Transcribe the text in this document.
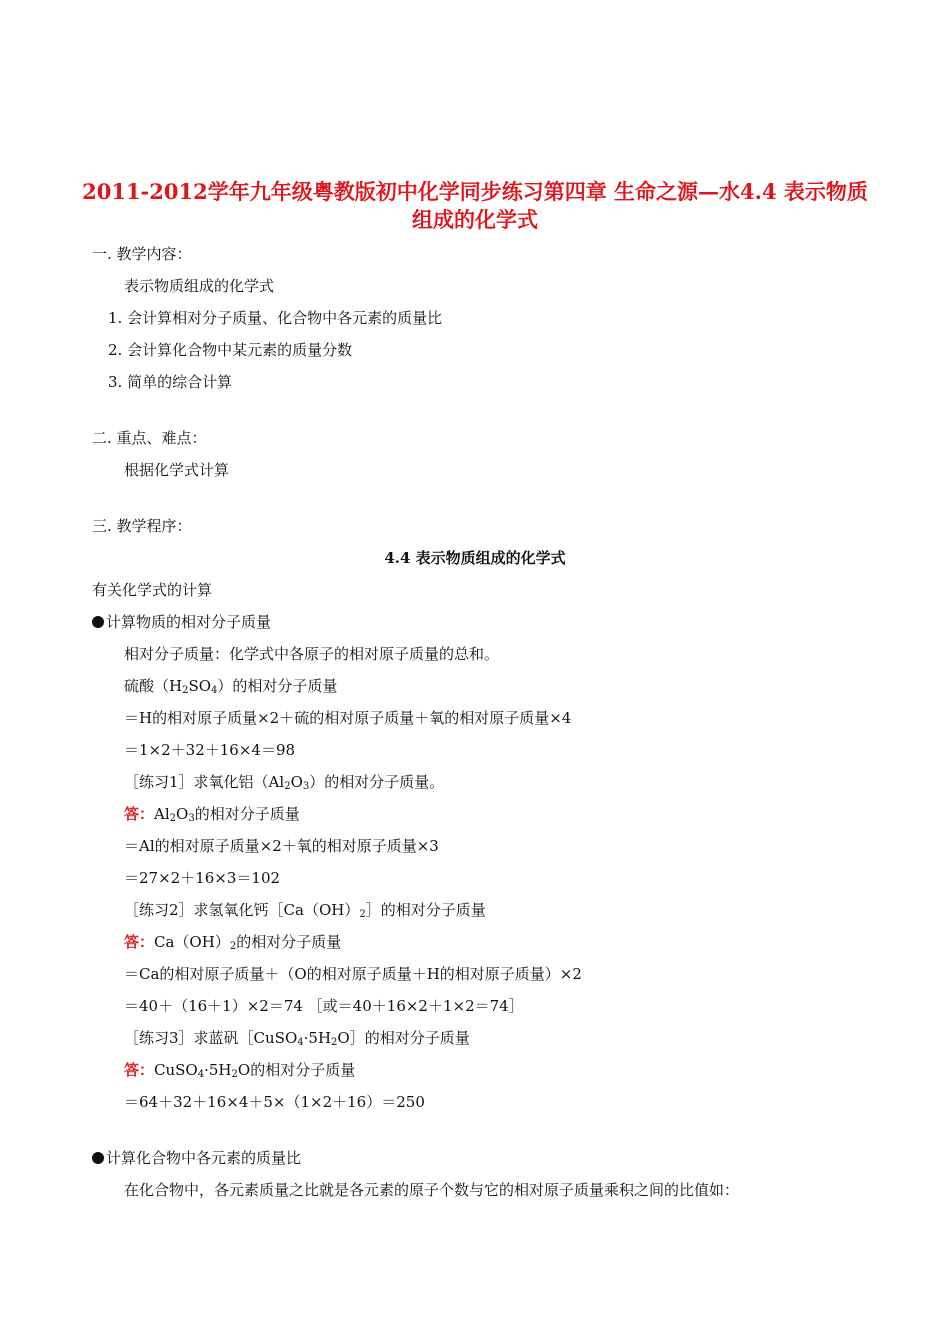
2011-2012学年九年级粤教版初中化学同步练习第四章 生命之源—水4.4 表示物质组成的化学式
一. 教学内容：
表示物质组成的化学式
1. 会计算相对分子质量、化合物中各元素的质量比
2. 会计算化合物中某元素的质量分数
3. 简单的综合计算
二. 重点、难点：
根据化学式计算
三. 教学程序：
4.4 表示物质组成的化学式
有关化学式的计算
计算物质的相对分子质量
相对分子质量：化学式中各原子的相对原子质量的总和。
硫酸$(H_2SO_4)$的相对分子质量
＝H的相对原子质量×2＋硫的相对原子质量＋氧的相对原子质量×4
＝1×2＋32＋16×4＝98
［练习1］求氧化铝$(Al_2O_3)$的相对分子质量。
答：$Al_2O_3$的相对分子质量
＝Al的相对原子质量×2＋氧的相对原子质量×3
＝27×2＋16×3＝102
［练习2］求氢氧化钙$[Ca(OH)_2]$的相对分子质量
答：$Ca(OH)_2$的相对分子质量
＝Ca的相对原子质量＋（O的相对原子质量＋H的相对原子质量）×2
＝40＋（16＋1）×2＝74 ［或＝40＋16×2＋1×2＝74］
［练习3］求蓝矾$[CuSO_4\cdot 5H_2O]$的相对分子质量
答：$CuSO_4\cdot 5H_2O$的相对分子质量
＝64＋32＋16×4＋5×（1×2＋16）＝250
计算化合物中各元素的质量比
在化合物中，各元素质量之比就是各元素的原子个数与它的相对原子质量乘积之间的比值如：
